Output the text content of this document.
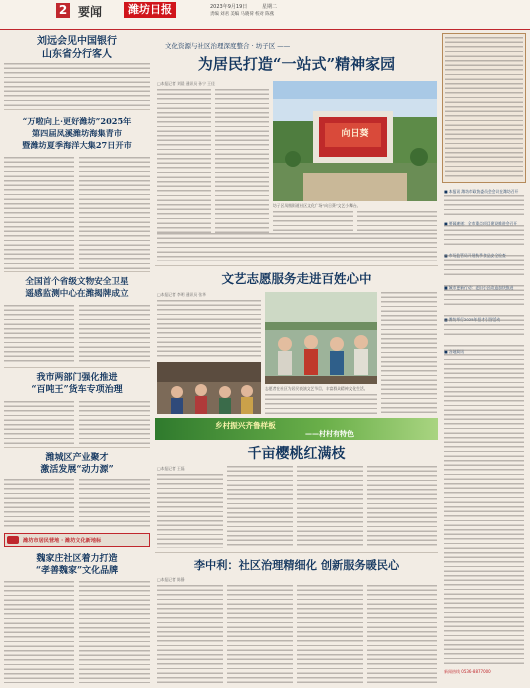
2 要闻	潍坊日报	2023年9月19日	星期二
责编 刘君 美编 马晓荷 校对 陈燕
刘远会见中国银行
山东省分行客人
“万啦向上·更好潍坊”2025年
第四届凤溪潍坊海集青市
暨潍坊夏季海洋大集27日开市
全国首个省级文物安全卫星
遥感监测中心在潍揭牌成立
我市两部门强化推进
“百吨王”货车专项治理
潍城区产业聚才
激活发展“动力源”
潍坊市居民营地 · 潍坊文化新地标
魏家庄社区着力打造
“孝善魏家”文化品牌
文化资源与社区治理深度整合 · 坊子区 ——
为居民打造“一站式”精神家园
□本报记者 刘晨 通讯员 孙宁 王佳
向日葵
坊子区凤凰街道社区文化广场“向日葵”文艺小舞台。
■ 本报讯 潍坊市政协委员会会议在潍坊召开
■ 要闻速递：全市重点项目建设推进会召开
■ 市场监管局开展秋季食品安全检查
■ 城市更新行动：老旧小区改造加快推进
■ 潍坊举行2025年招才引智活动
■ 各地简讯
新闻热线 0536-8877000
文艺志愿服务走进百姓心中
□本报记者 李明 通讯员 张华
志愿者在社区为居民表演文艺节目，丰富群众精神文化生活。
乡村振兴齐鲁样板
——村村有特色
千亩樱桃红满枝
□本报记者 王磊
李中利：社区治理精细化 创新服务暖民心
□本报记者 陈静
